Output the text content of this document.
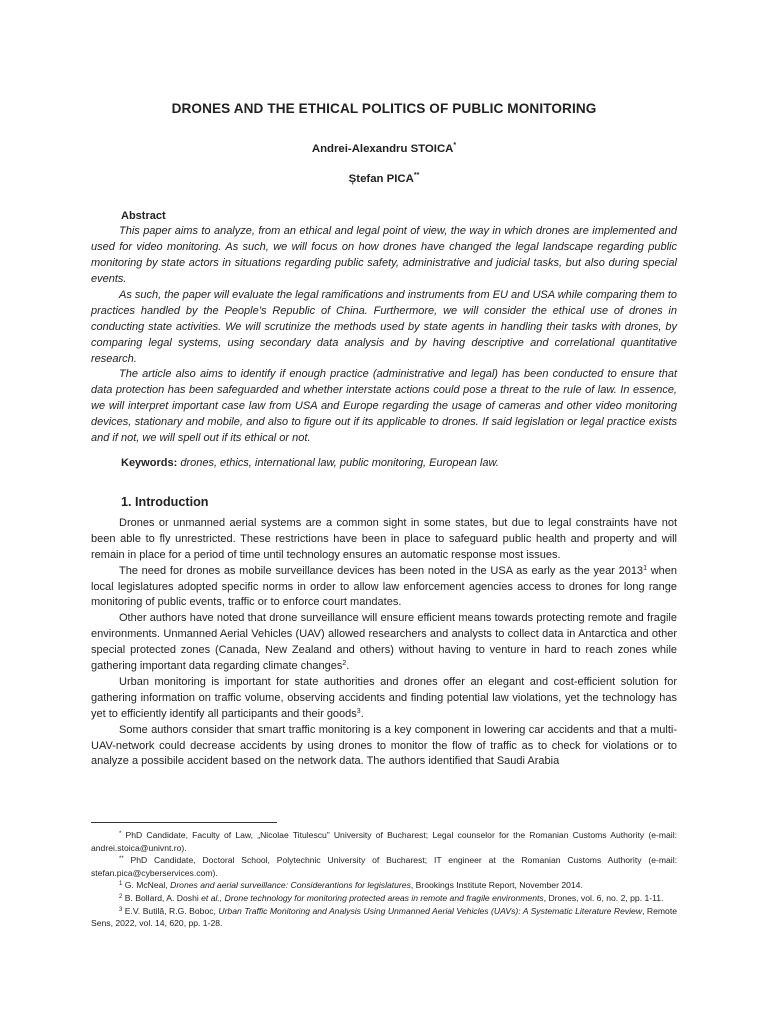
DRONES AND THE ETHICAL POLITICS OF PUBLIC MONITORING

Andrei-Alexandru STOICA*

Ștefan PICA**

Abstract

This paper aims to analyze, from an ethical and legal point of view, the way in which drones are implemented and used for video monitoring. As such, we will focus on how drones have changed the legal landscape regarding public monitoring by state actors in situations regarding public safety, administrative and judicial tasks, but also during special events.

As such, the paper will evaluate the legal ramifications and instruments from EU and USA while comparing them to practices handled by the People’s Republic of China. Furthermore, we will consider the ethical use of drones in conducting state activities. We will scrutinize the methods used by state agents in handling their tasks with drones, by comparing legal systems, using secondary data analysis and by having descriptive and correlational quantitative research.

The article also aims to identify if enough practice (administrative and legal) has been conducted to ensure that data protection has been safeguarded and whether interstate actions could pose a threat to the rule of law. In essence, we will interpret important case law from USA and Europe regarding the usage of cameras and other video monitoring devices, stationary and mobile, and also to figure out if its applicable to drones. If said legislation or legal practice exists and if not, we will spell out if its ethical or not.

Keywords: drones, ethics, international law, public monitoring, European law.

1. Introduction

Drones or unmanned aerial systems are a common sight in some states, but due to legal constraints have not been able to fly unrestricted. These restrictions have been in place to safeguard public health and property and will remain in place for a period of time until technology ensures an automatic response most issues.

The need for drones as mobile surveillance devices has been noted in the USA as early as the year 2013$^1$ when local legislatures adopted specific norms in order to allow law enforcement agencies access to drones for long range monitoring of public events, traffic or to enforce court mandates.

Other authors have noted that drone surveillance will ensure efficient means towards protecting remote and fragile environments. Unmanned Aerial Vehicles (UAV) allowed researchers and analysts to collect data in Antarctica and other special protected zones (Canada, New Zealand and others) without having to venture in hard to reach zones while gathering important data regarding climate changes$^2$.

Urban monitoring is important for state authorities and drones offer an elegant and cost-efficient solution for gathering information on traffic volume, observing accidents and finding potential law violations, yet the technology has yet to efficiently identify all participants and their goods$^3$.

Some authors consider that smart traffic monitoring is a key component in lowering car accidents and that a multi-UAV-network could decrease accidents by using drones to monitor the flow of traffic as to check for violations or to analyze a possibile accident based on the network data. The authors identified that Saudi Arabia

* PhD Candidate, Faculty of Law, „Nicolae Titulescu” University of Bucharest; Legal counselor for the Romanian Customs Authority (e-mail: andrei.stoica@univnt.ro).

** PhD Candidate, Doctoral School, Polytechnic University of Bucharest; IT engineer at the Romanian Customs Authority (e-mail: stefan.pica@cyberservices.com).

$^1$ G. McNeal, Drones and aerial surveillance: Considerantions for legislatures, Brookings Institute Report, November 2014.

$^2$ B. Bollard, A. Doshi et al., Drone technology for monitoring protected areas in remote and fragile environments, Drones, vol. 6, no. 2, pp. 1-11.

$^3$ E.V. Butilă, R.G. Boboc, Urban Traffic Monitoring and Analysis Using Unmanned Aerial Vehicles (UAVs): A Systematic Literature Review, Remote Sens, 2022, vol. 14, 620, pp. 1-28.
